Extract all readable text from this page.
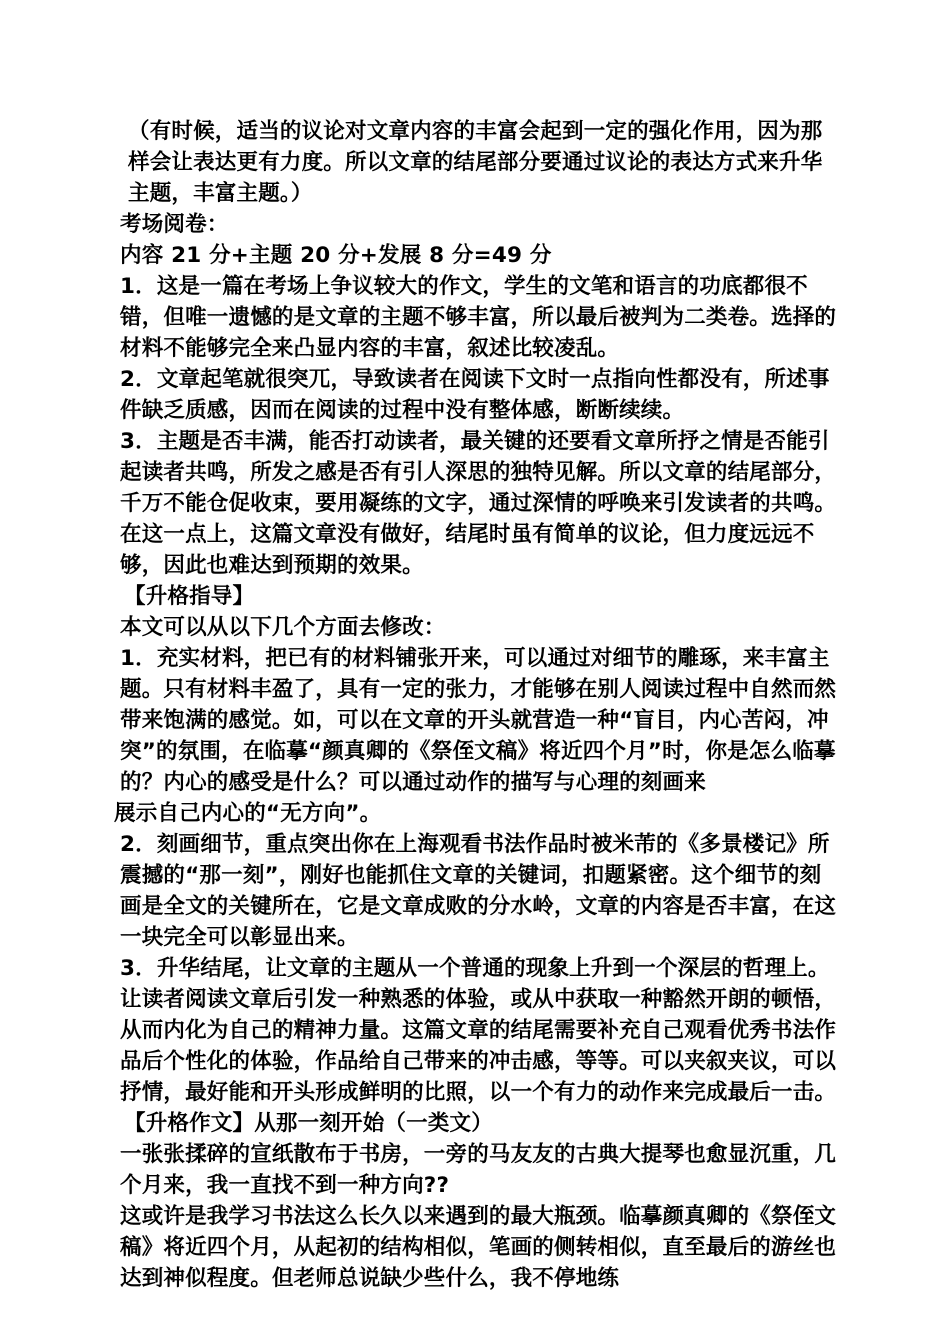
（有时候，适当的议论对文章内容的丰富会起到一定的强化作用，因为那样会让表达更有力度。所以文章的结尾部分要通过议论的表达方式来升华主题，丰富主题。）

考场阅卷：

内容 21 分+主题 20 分+发展 8 分=49 分

1．这是一篇在考场上争议较大的作文，学生的文笔和语言的功底都很不错，但唯一遗憾的是文章的主题不够丰富，所以最后被判为二类卷。选择的材料不能够完全来凸显内容的丰富，叙述比较凌乱。

2．文章起笔就很突兀，导致读者在阅读下文时一点指向性都没有，所述事件缺乏质感，因而在阅读的过程中没有整体感，断断续续。

3．主题是否丰满，能否打动读者，最关键的还要看文章所抒之情是否能引起读者共鸣，所发之感是否有引人深思的独特见解。所以文章的结尾部分，千万不能仓促收束，要用凝练的文字，通过深情的呼唤来引发读者的共鸣。在这一点上，这篇文章没有做好，结尾时虽有简单的议论，但力度远远不够，因此也难达到预期的效果。

【升格指导】

本文可以从以下几个方面去修改：

1．充实材料，把已有的材料铺张开来，可以通过对细节的雕琢，来丰富主题。只有材料丰盈了，具有一定的张力，才能够在别人阅读过程中自然而然带来饱满的感觉。如，可以在文章的开头就营造一种“盲目，内心苦闷，冲突”的氛围，在临摹“颜真卿的《祭侄文稿》将近四个月”时，你是怎么临摹的？内心的感受是什么？可以通过动作的描写与心理的刻画来

展示自己内心的“无方向”。

2．刻画细节，重点突出你在上海观看书法作品时被米芾的《多景楼记》所震撼的“那一刻”，刚好也能抓住文章的关键词，扣题紧密。这个细节的刻画是全文的关键所在，它是文章成败的分水岭，文章的内容是否丰富，在这一块完全可以彰显出来。

3．升华结尾，让文章的主题从一个普通的现象上升到一个深层的哲理上。让读者阅读文章后引发一种熟悉的体验，或从中获取一种豁然开朗的顿悟，从而内化为自己的精神力量。这篇文章的结尾需要补充自己观看优秀书法作品后个性化的体验，作品给自己带来的冲击感，等等。可以夹叙夹议，可以抒情，最好能和开头形成鲜明的比照，以一个有力的动作来完成最后一击。

【升格作文】从那一刻开始（一类文）

一张张揉碎的宣纸散布于书房，一旁的马友友的古典大提琴也愈显沉重，几个月来，我一直找不到一种方向??

这或许是我学习书法这么长久以来遇到的最大瓶颈。临摹颜真卿的《祭侄文稿》将近四个月，从起初的结构相似，笔画的侧转相似，直至最后的游丝也达到神似程度。但老师总说缺少些什么，我不停地练
